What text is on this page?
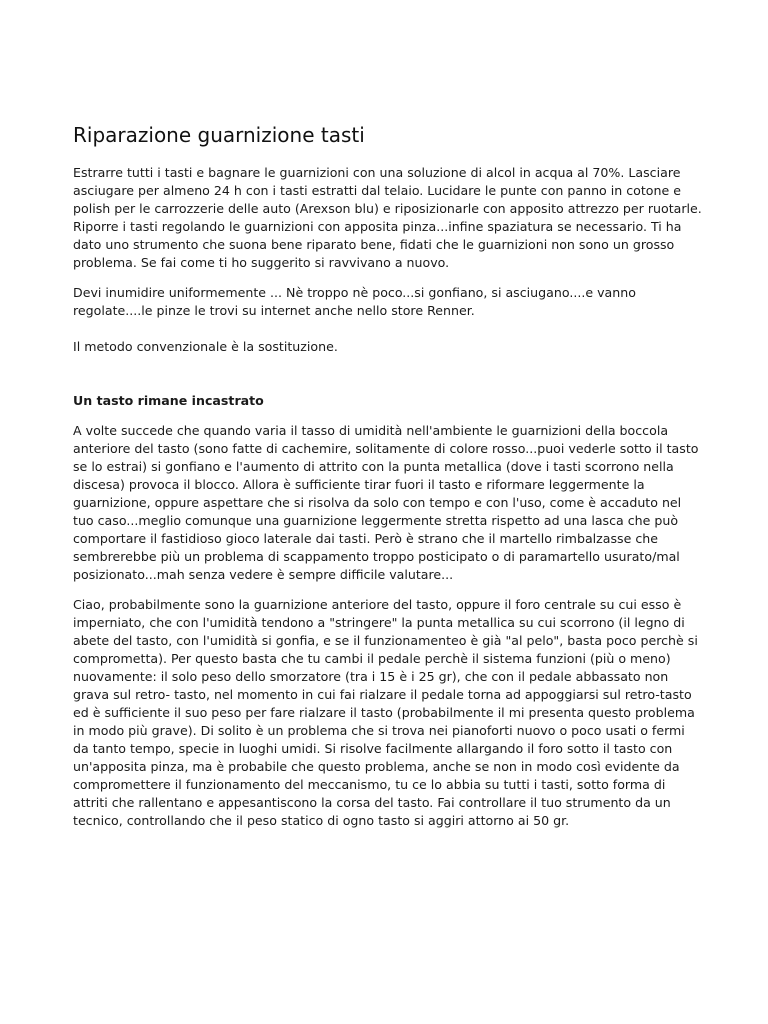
Riparazione guarnizione tasti

Estrarre tutti i tasti e bagnare le guarnizioni con una soluzione di alcol in acqua al 70%. Lasciare asciugare per almeno 24 h con i tasti estratti dal telaio. Lucidare le punte con panno in cotone e polish per le carrozzerie delle auto (Arexson blu) e riposizionarle con apposito attrezzo per ruotarle. Riporre i tasti regolando le guarnizioni con apposita pinza...infine spaziatura se necessario. Ti ha dato uno strumento che suona bene riparato bene, fidati che le guarnizioni non sono un grosso problema. Se fai come ti ho suggerito si ravvivano a nuovo.

Devi inumidire uniformemente ... Nè troppo nè poco...si gonfiano, si asciugano....e vanno regolate....le pinze le trovi su internet anche nello store Renner.

Il metodo convenzionale è la sostituzione.

Un tasto rimane incastrato

A volte succede che quando varia il tasso di umidità nell'ambiente le guarnizioni della boccola anteriore del tasto (sono fatte di cachemire, solitamente di colore rosso...puoi vederle sotto il tasto se lo estrai) si gonfiano e l'aumento di attrito con la punta metallica (dove i tasti scorrono nella discesa) provoca il blocco. Allora è sufficiente tirar fuori il tasto e riformare leggermente la guarnizione, oppure aspettare che si risolva da solo con tempo e con l'uso, come è accaduto nel tuo caso...meglio comunque una guarnizione leggermente stretta rispetto ad una lasca che può comportare il fastidioso gioco laterale dai tasti. Però è strano che il martello rimbalzasse che sembrerebbe più un problema di scappamento troppo posticipato o di paramartello usurato/mal posizionato...mah senza vedere è sempre difficile valutare...

Ciao, probabilmente sono la guarnizione anteriore del tasto, oppure il foro centrale su cui esso è imperniato, che con l'umidità tendono a "stringere" la punta metallica su cui scorrono (il legno di abete del tasto, con l'umidità si gonfia, e se il funzionamenteo è già "al pelo", basta poco perchè si comprometta). Per questo basta che tu cambi il pedale perchè il sistema funzioni (più o meno) nuovamente: il solo peso dello smorzatore (tra i 15 è i 25 gr), che con il pedale abbassato non grava sul retro- tasto, nel momento in cui fai rialzare il pedale torna ad appoggiarsi sul retro-tasto ed è sufficiente il suo peso per fare rialzare il tasto (probabilmente il mi presenta questo problema in modo più grave). Di solito è un problema che si trova nei pianoforti nuovo o poco usati o fermi da tanto tempo, specie in luoghi umidi. Si risolve facilmente allargando il foro sotto il tasto con un'apposita pinza, ma è probabile che questo problema, anche se non in modo così evidente da compromettere il funzionamento del meccanismo, tu ce lo abbia su tutti i tasti, sotto forma di attriti che rallentano e appesantiscono la corsa del tasto. Fai controllare il tuo strumento da un tecnico, controllando che il peso statico di ogno tasto si aggiri attorno ai 50 gr.
